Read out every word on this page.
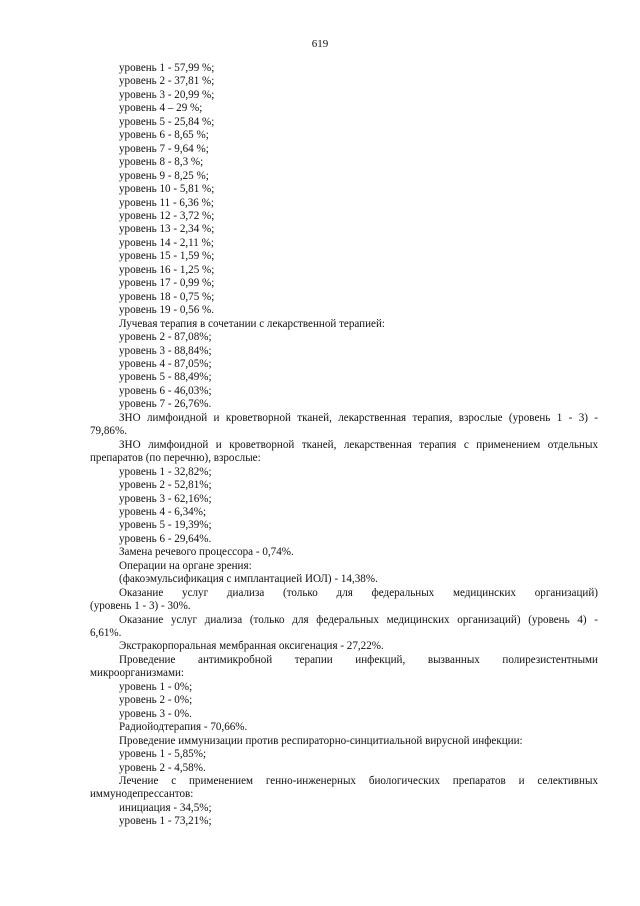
619
уровень 1 - 57,99 %;
уровень 2 - 37,81 %;
уровень 3 - 20,99 %;
уровень 4 – 29 %;
уровень 5 - 25,84 %;
уровень 6 - 8,65 %;
уровень 7 - 9,64 %;
уровень 8 - 8,3 %;
уровень 9 - 8,25 %;
уровень 10 - 5,81 %;
уровень 11 - 6,36 %;
уровень 12 - 3,72 %;
уровень 13 - 2,34 %;
уровень 14 - 2,11 %;
уровень 15 - 1,59 %;
уровень 16 - 1,25 %;
уровень 17 - 0,99 %;
уровень 18 - 0,75 %;
уровень 19 - 0,56 %.
Лучевая терапия в сочетании с лекарственной терапией:
уровень 2 - 87,08%;
уровень 3 - 88,84%;
уровень 4 - 87,05%;
уровень 5 - 88,49%;
уровень 6 - 46,03%;
уровень 7 - 26,76%.
ЗНО лимфоидной и кроветворной тканей, лекарственная терапия, взрослые (уровень 1 - 3) -
79,86%.
ЗНО лимфоидной и кроветворной тканей, лекарственная терапия с применением отдельных
препаратов (по перечню), взрослые:
уровень 1 - 32,82%;
уровень 2 - 52,81%;
уровень 3 - 62,16%;
уровень 4 - 6,34%;
уровень 5 - 19,39%;
уровень 6 - 29,64%.
Замена речевого процессора - 0,74%.
Операции на органе зрения:
(факоэмульсификация с имплантацией ИОЛ) - 14,38%.
Оказание услуг диализа (только для федеральных медицинских организаций)
(уровень 1 - 3) - 30%.
Оказание услуг диализа (только для федеральных медицинских организаций) (уровень 4) -
6,61%.
Экстракорпоральная мембранная оксигенация - 27,22%.
Проведение антимикробной терапии инфекций, вызванных полирезистентными
микроорганизмами:
уровень 1 - 0%;
уровень 2 - 0%;
уровень 3 - 0%.
Радиойодтерапия - 70,66%.
Проведение иммунизации против респираторно-синцитиальной вирусной инфекции:
уровень 1 - 5,85%;
уровень 2 - 4,58%.
Лечение с применением генно-инженерных биологических препаратов и селективных
иммунодепрессантов:
инициация - 34,5%;
уровень 1 - 73,21%;
